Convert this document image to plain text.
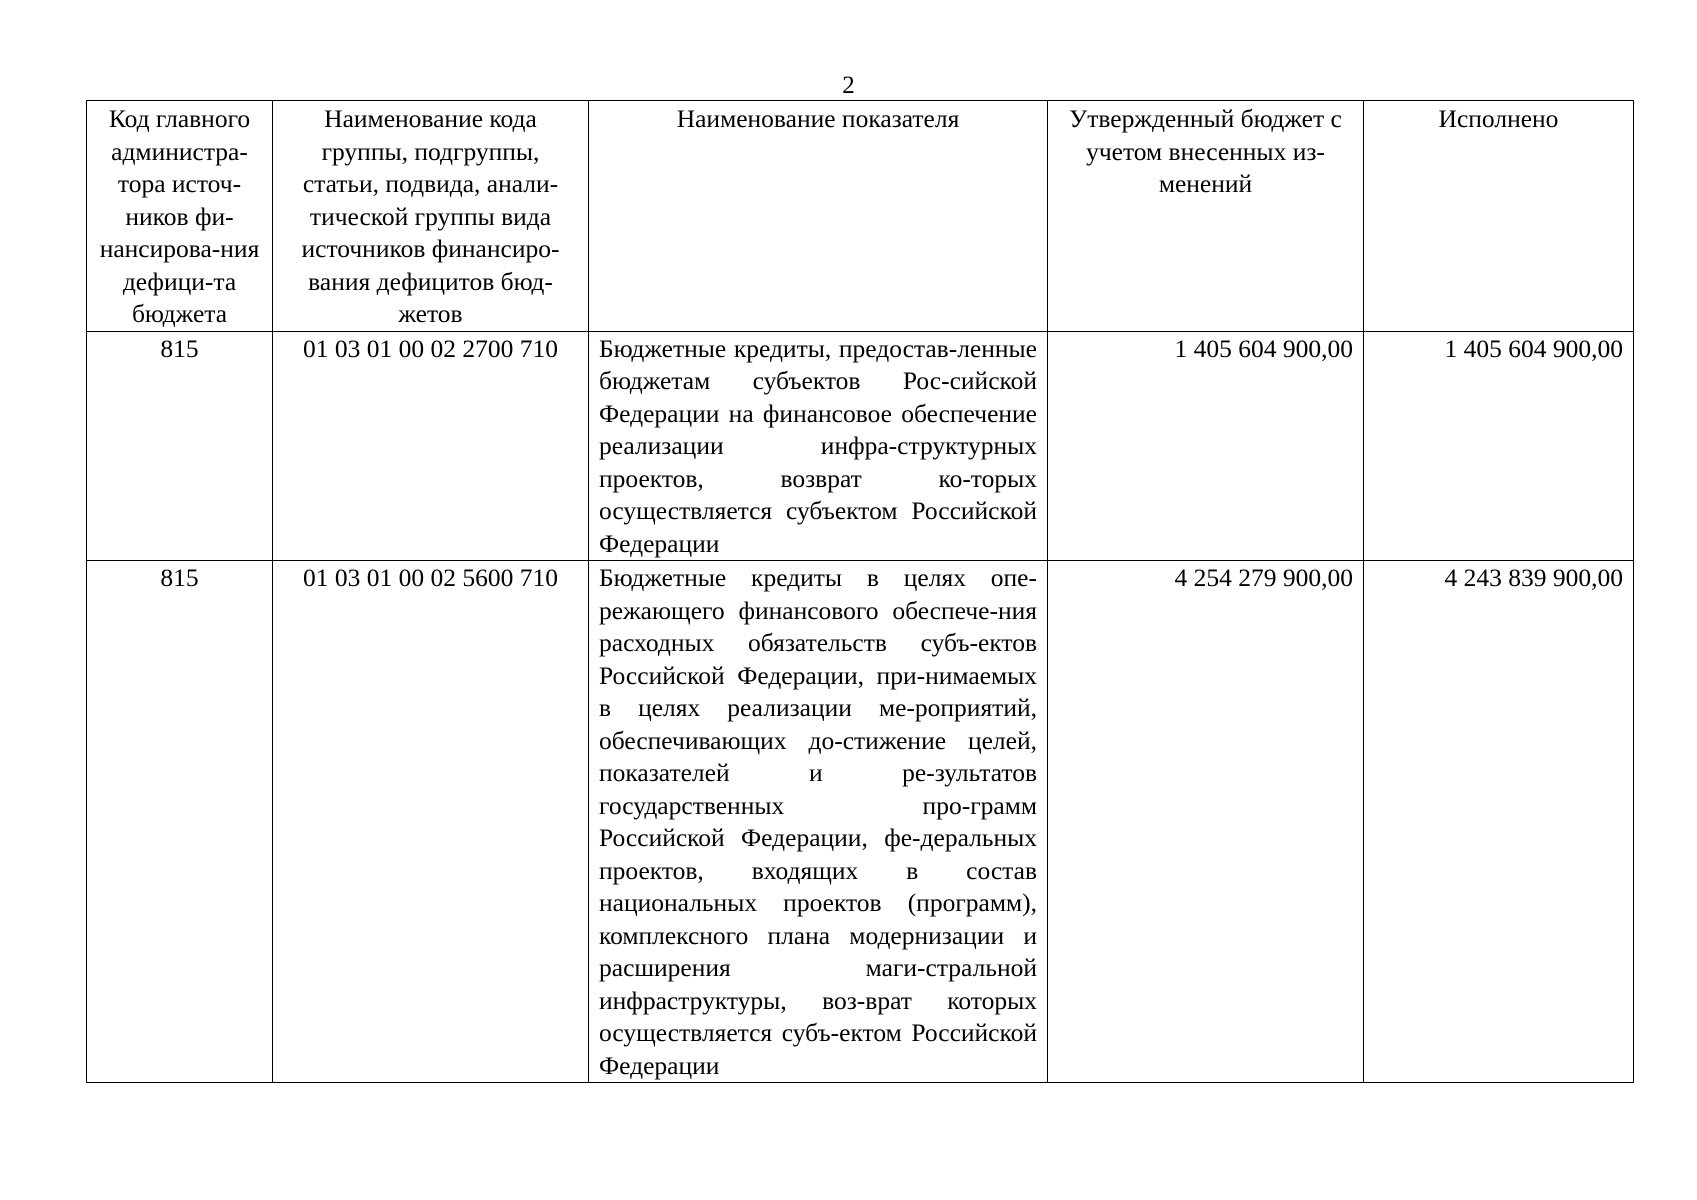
2
Код главного администра-тора источ-ников фи-нансирова-ния дефици-та бюджета	Наименование кода группы, подгруппы, статьи, подвида, анали-тической группы вида источников финансиро-вания дефицитов бюд-жетов	Наименование показателя	Утвержденный бюджет с учетом внесенных из-менений	Исполнено
815	01 03 01 00 02 2700 710	Бюджетные кредиты, предостав-ленные бюджетам субъектов Рос-сийской Федерации на финансовое обеспечение реализации инфра-структурных проектов, возврат ко-торых осуществляется субъектом Российской Федерации	1 405 604 900,00	1 405 604 900,00
815	01 03 01 00 02 5600 710	Бюджетные кредиты в целях опе-режающего финансового обеспече-ния расходных обязательств субъ-ектов Российской Федерации, при-нимаемых в целях реализации ме-роприятий, обеспечивающих до-стижение целей, показателей и ре-зультатов государственных про-грамм Российской Федерации, фе-деральных проектов, входящих в состав национальных проектов (программ), комплексного плана модернизации и расширения маги-стральной инфраструктуры, воз-врат которых осуществляется субъ-ектом Российской Федерации	4 254 279 900,00	4 243 839 900,00
